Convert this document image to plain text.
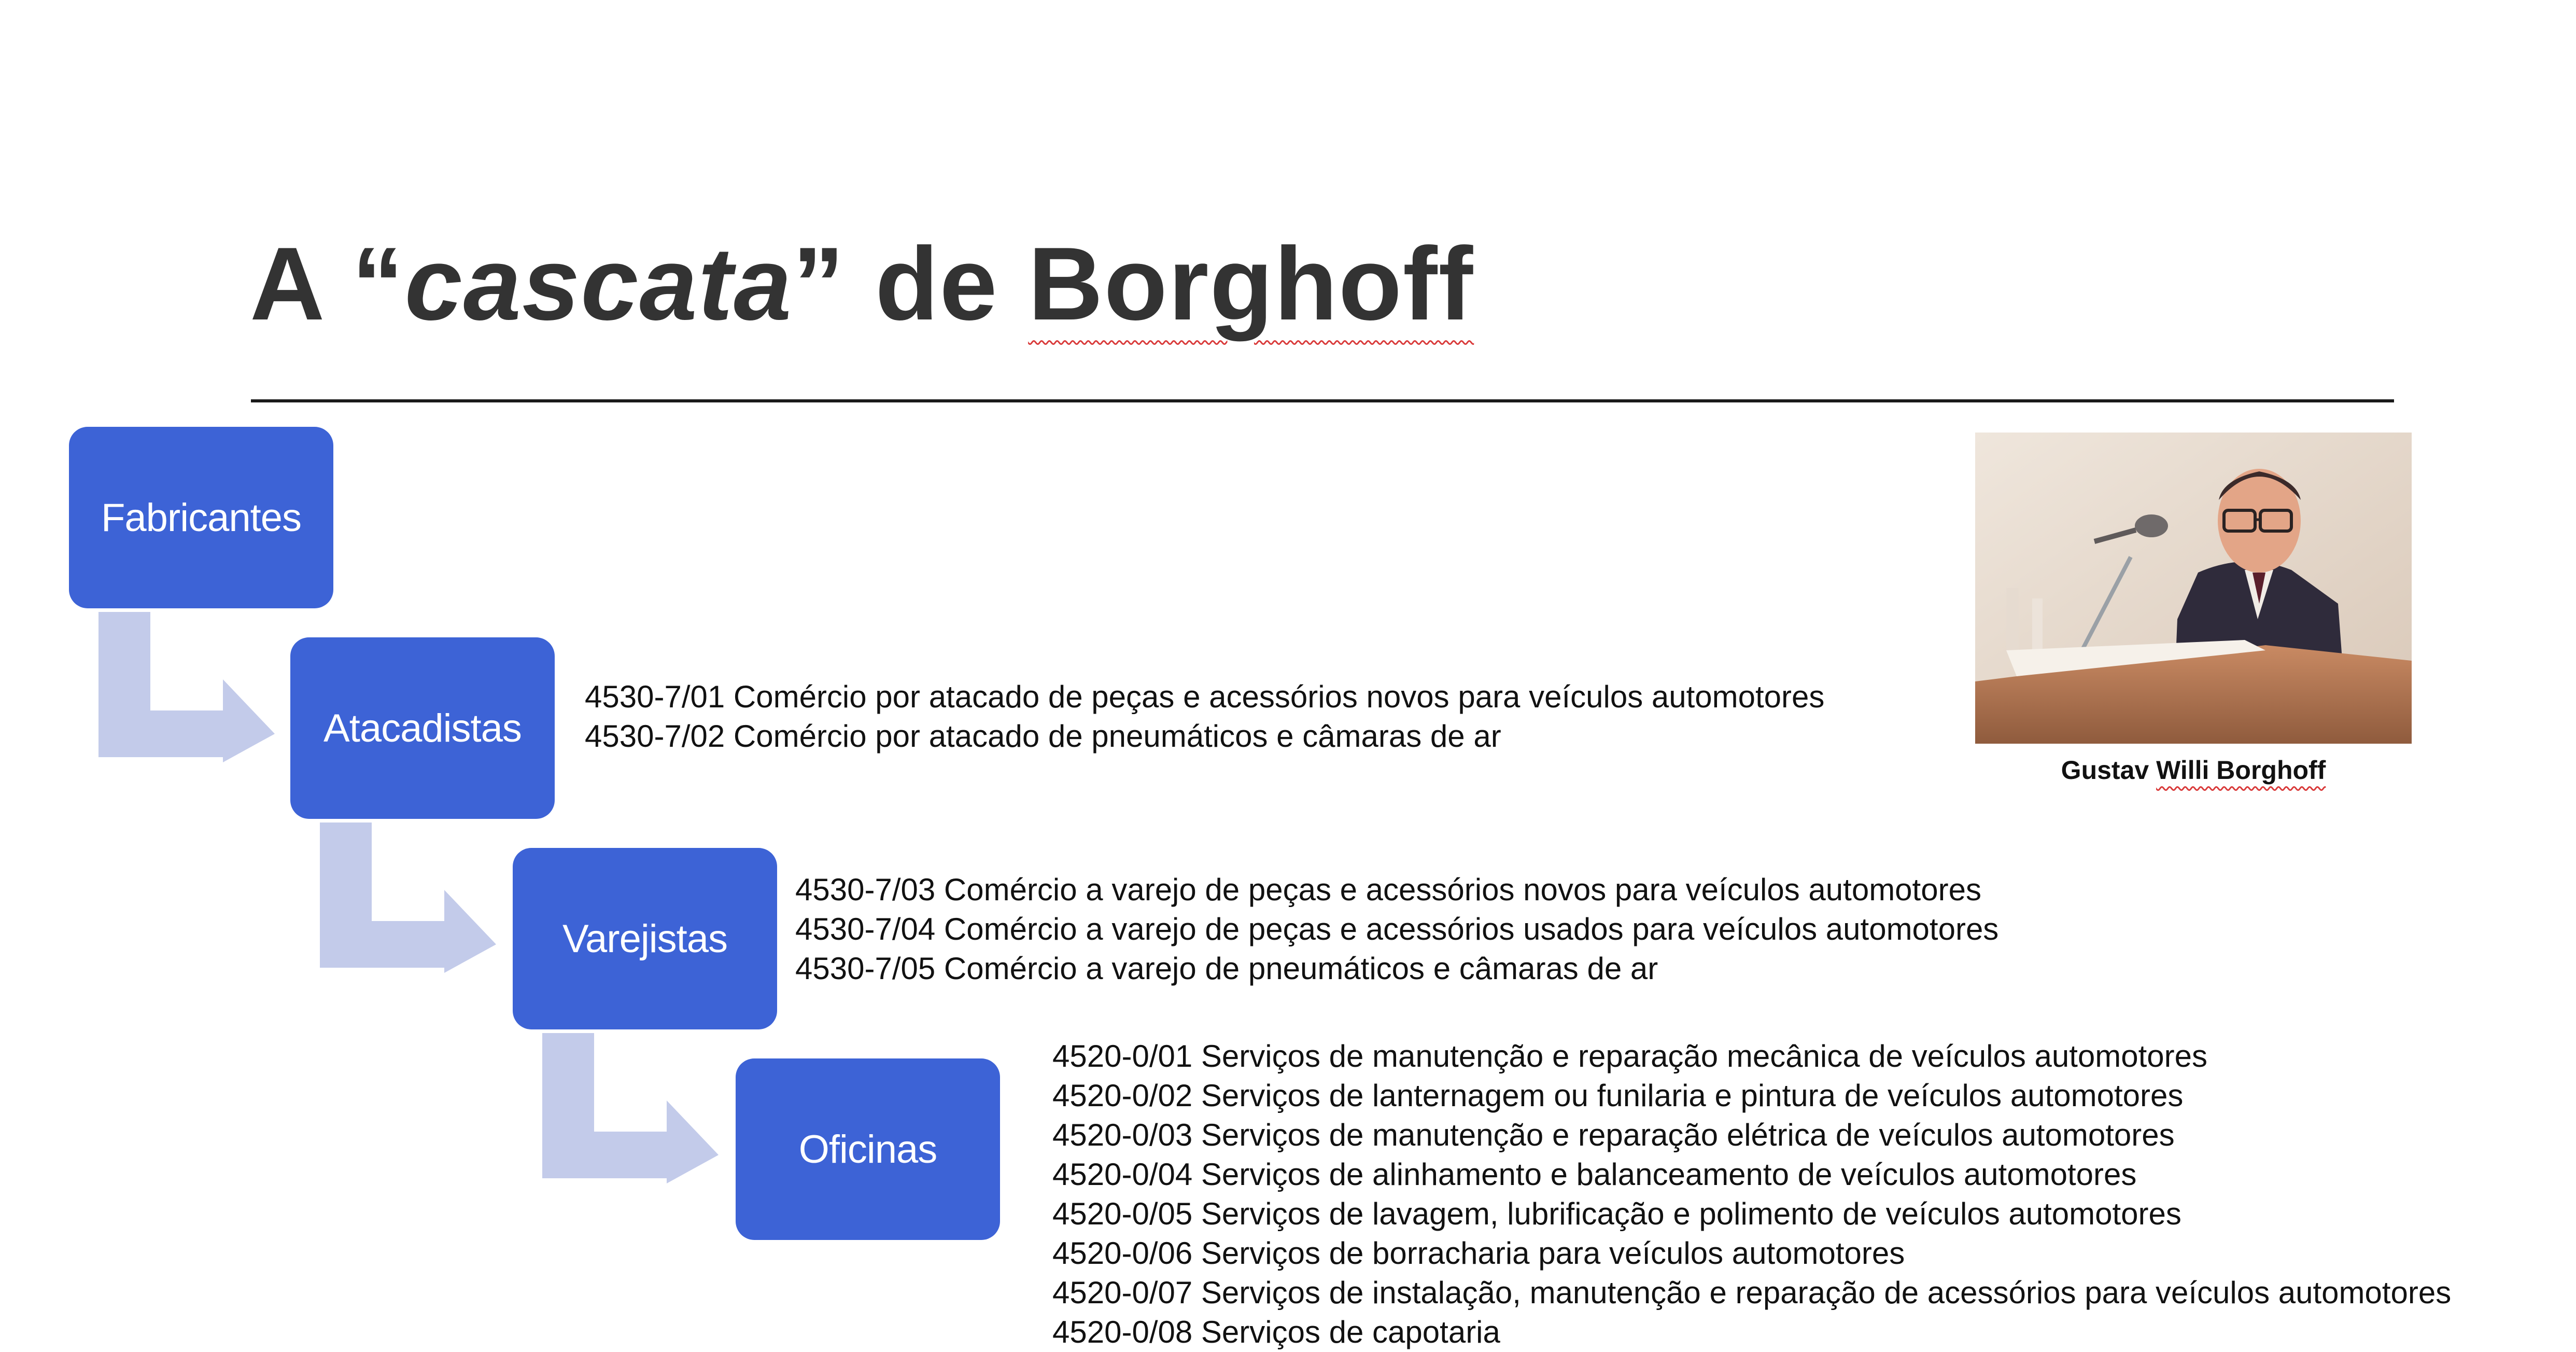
A “cascata” de Borghoff
Fabricantes
Atacadistas
Varejistas
Oficinas
4530-7/01 Comércio por atacado de peças e acessórios novos para veículos automotores
4530-7/02 Comércio por atacado de pneumáticos e câmaras de ar
4530-7/03 Comércio a varejo de peças e acessórios novos para veículos automotores
4530-7/04 Comércio a varejo de peças e acessórios usados para veículos automotores
4530-7/05 Comércio a varejo de pneumáticos e câmaras de ar
4520-0/01 Serviços de manutenção e reparação mecânica de veículos automotores
4520-0/02 Serviços de lanternagem ou funilaria e pintura de veículos automotores
4520-0/03 Serviços de manutenção e reparação elétrica de veículos automotores
4520-0/04 Serviços de alinhamento e balanceamento de veículos automotores
4520-0/05 Serviços de lavagem, lubrificação e polimento de veículos automotores
4520-0/06 Serviços de borracharia para veículos automotores
4520-0/07 Serviços de instalação, manutenção e reparação de acessórios para veículos automotores
4520-0/08 Serviços de capotaria
Gustav Willi Borghoff
